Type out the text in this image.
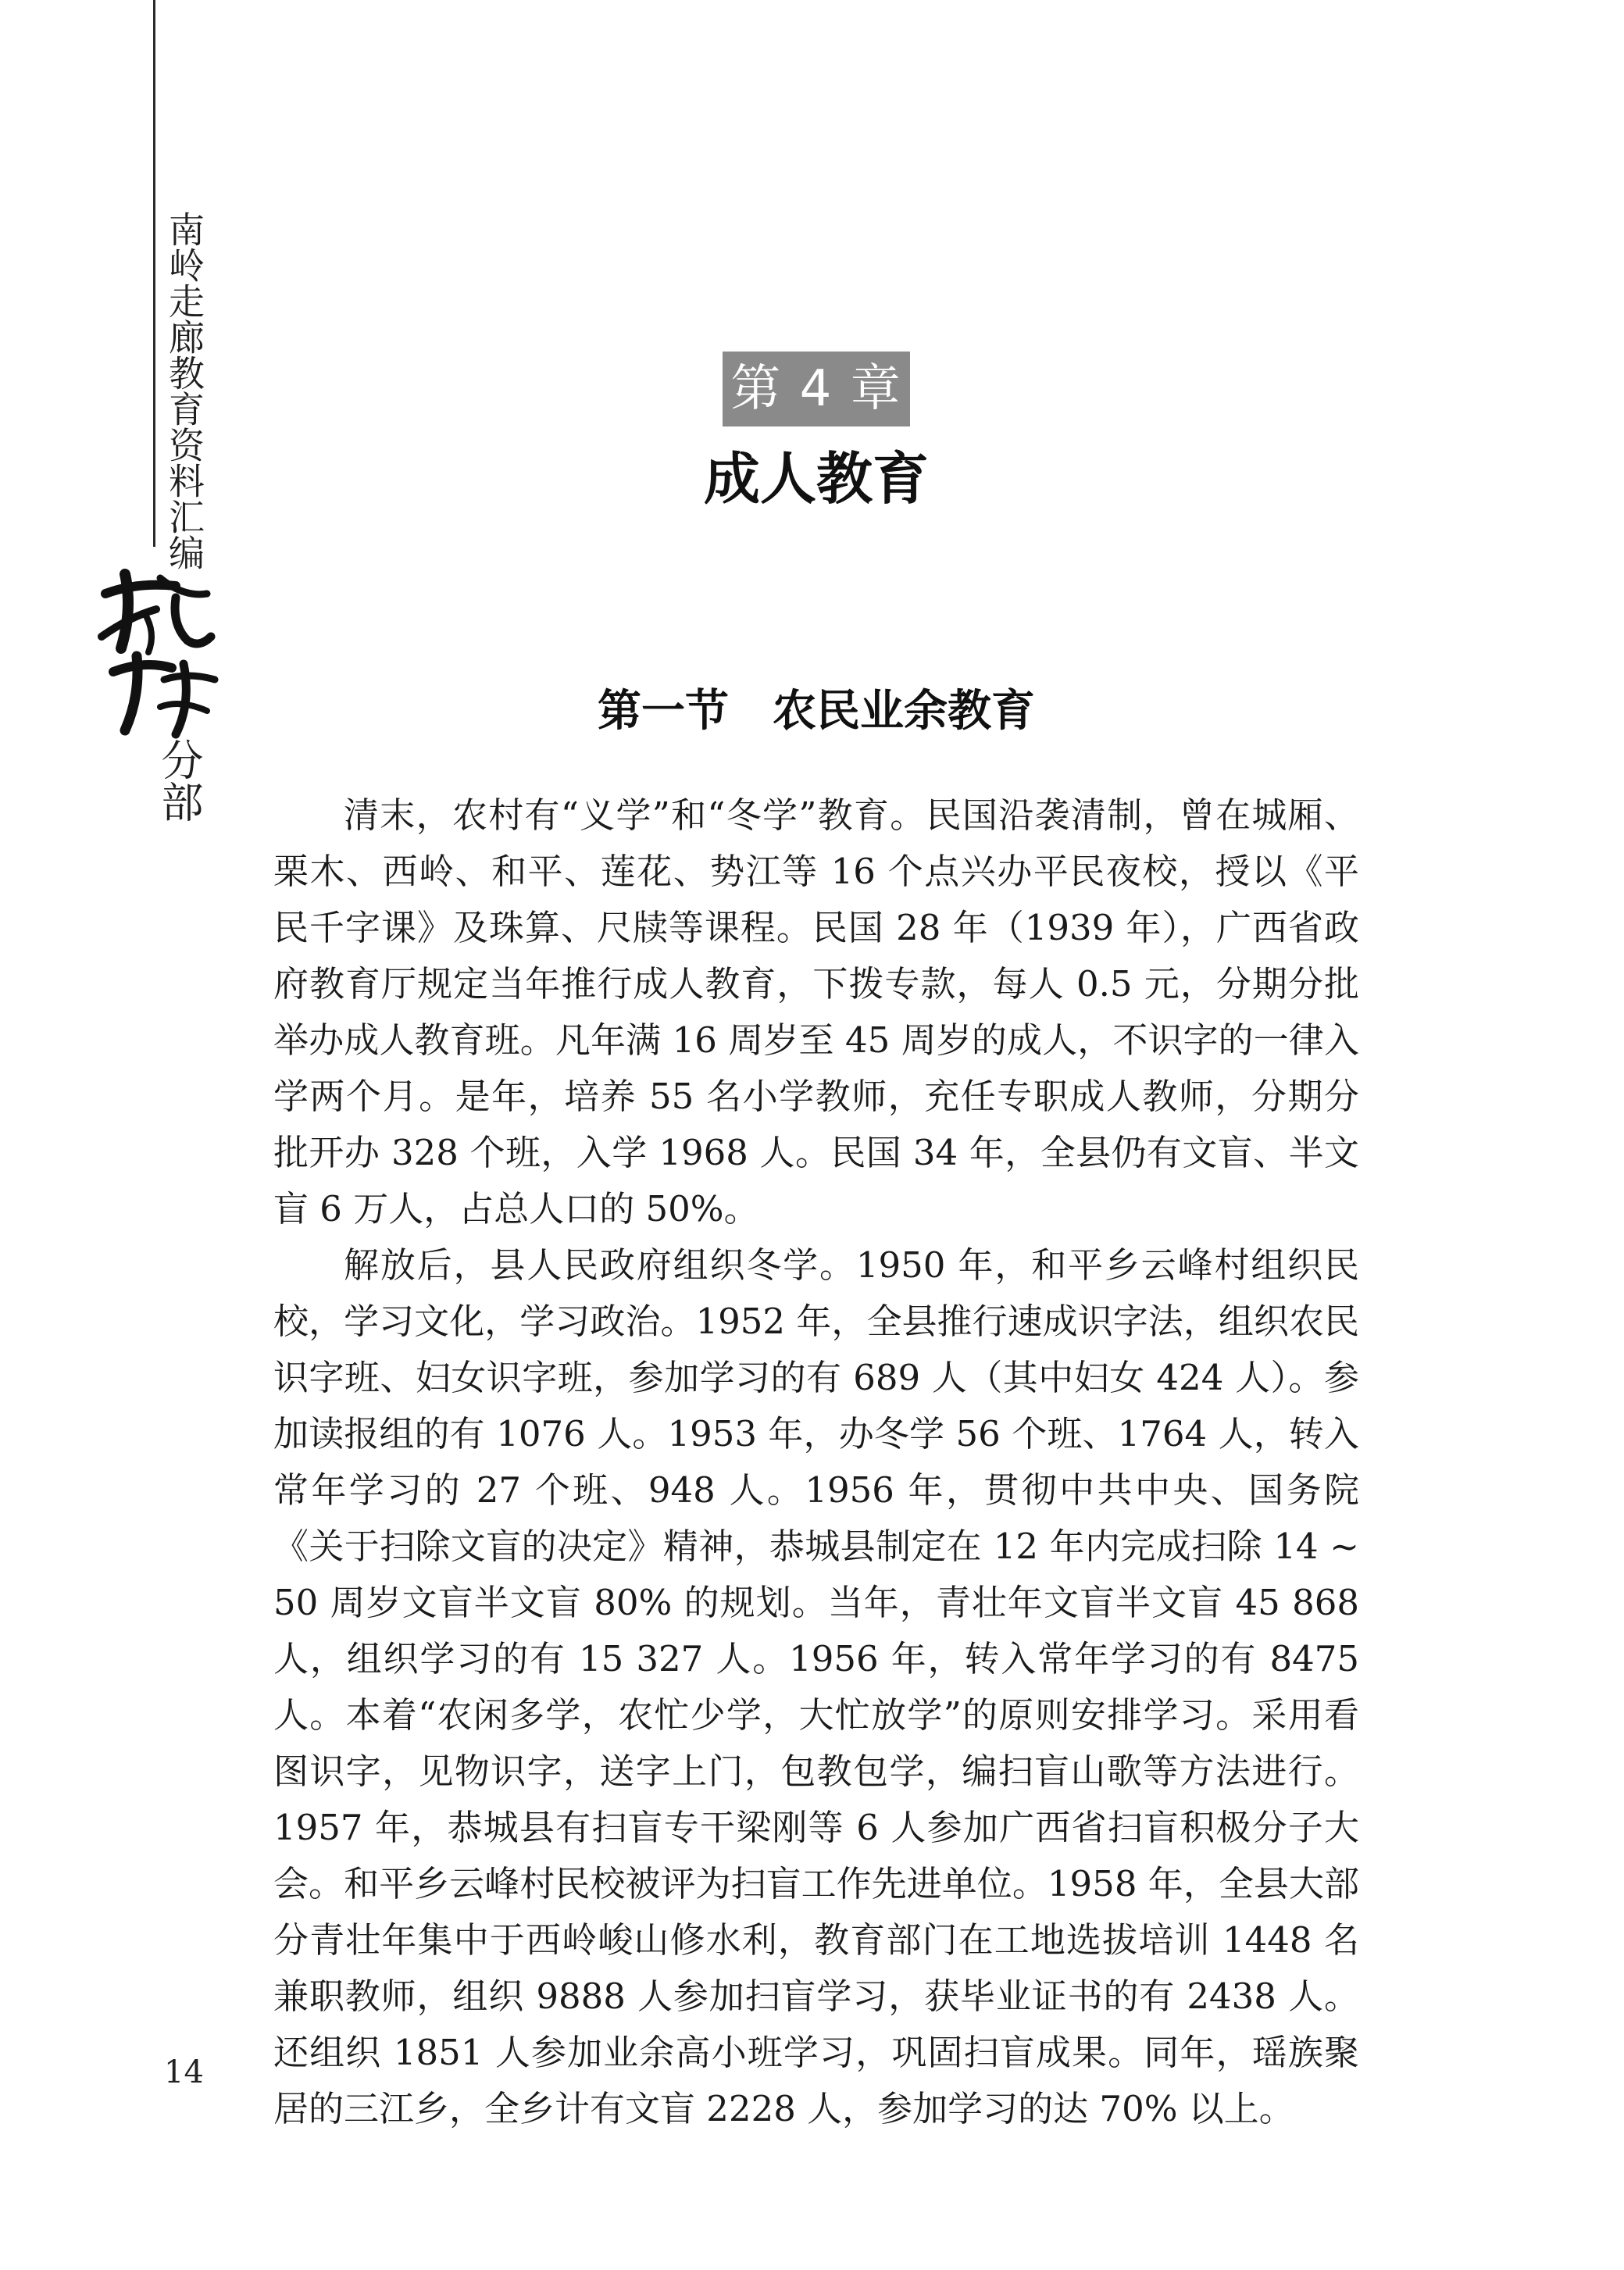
南岭走廊教育资料汇编
分部
第 4 章
成人教育
第一节　农民业余教育

清末，农村有“义学”和“冬学”教育。民国沿袭清制，曾在城厢、栗木、西岭、和平、莲花、势江等 16 个点兴办平民夜校，授以《平民千字课》及珠算、尺牍等课程。民国 28 年（1939 年），广西省政府教育厅规定当年推行成人教育，下拨专款，每人 0.5 元，分期分批举办成人教育班。凡年满 16 周岁至 45 周岁的成人，不识字的一律入学两个月。是年，培养 55 名小学教师，充任专职成人教师，分期分批开办 328 个班，入学 1968 人。民国 34 年，全县仍有文盲、半文盲 6 万人，占总人口的 50%。

解放后，县人民政府组织冬学。1950 年，和平乡云峰村组织民校，学习文化，学习政治。1952 年，全县推行速成识字法，组织农民识字班、妇女识字班，参加学习的有 689 人（其中妇女 424 人）。参加读报组的有 1076 人。1953 年，办冬学 56 个班、1764 人，转入常年学习的 27 个班、948 人。1956 年，贯彻中共中央、国务院《关于扫除文盲的决定》精神，恭城县制定在 12 年内完成扫除 14 ~ 50 周岁文盲半文盲 80% 的规划。当年，青壮年文盲半文盲 45 868 人，组织学习的有 15 327 人。1956 年，转入常年学习的有 8475 人。本着“农闲多学，农忙少学，大忙放学”的原则安排学习。采用看图识字，见物识字，送字上门，包教包学，编扫盲山歌等方法进行。1957 年，恭城县有扫盲专干梁刚等 6 人参加广西省扫盲积极分子大会。和平乡云峰村民校被评为扫盲工作先进单位。1958 年，全县大部分青壮年集中于西岭峻山修水利，教育部门在工地选拔培训 1448 名兼职教师，组织 9888 人参加扫盲学习，获毕业证书的有 2438 人。还组织 1851 人参加业余高小班学习，巩固扫盲成果。同年，瑶族聚居的三江乡，全乡计有文盲 2228 人，参加学习的达 70% 以上。

14
